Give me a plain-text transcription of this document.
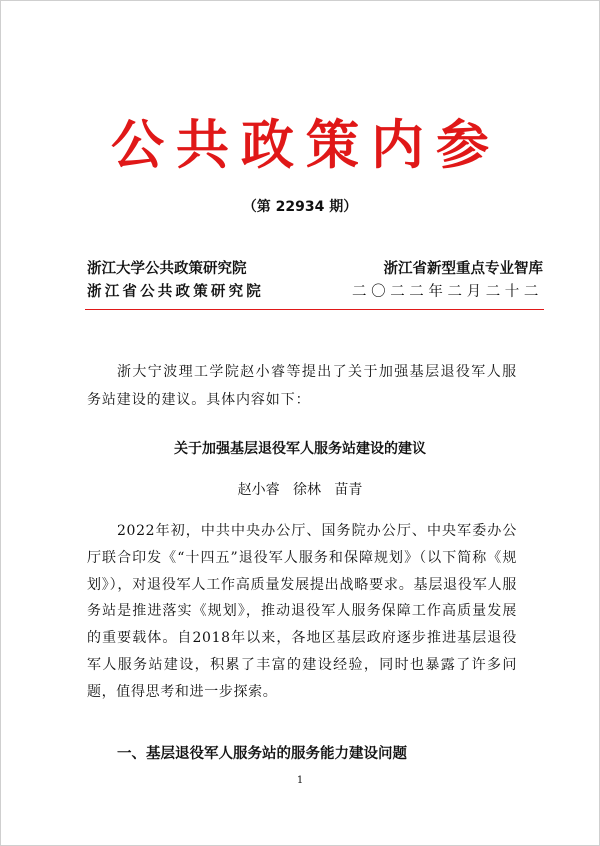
公共政策内参
（第 22934 期）
浙江大学公共政策研究院	浙江省新型重点专业智库
浙江省公共政策研究院	二〇二二年二月二十二

浙大宁波理工学院赵小睿等提出了关于加强基层退役军人服务站建设的建议。具体内容如下：

关于加强基层退役军人服务站建设的建议
赵小睿   徐林   苗青

2022年初，中共中央办公厅、国务院办公厅、中央军委办公厅联合印发《“十四五”退役军人服务和保障规划》（以下简称《规划》），对退役军人工作高质量发展提出战略要求。基层退役军人服务站是推进落实《规划》，推动退役军人服务保障工作高质量发展的重要载体。自2018年以来，各地区基层政府逐步推进基层退役军人服务站建设，积累了丰富的建设经验，同时也暴露了许多问题，值得思考和进一步探索。

一、基层退役军人服务站的服务能力建设问题
1
